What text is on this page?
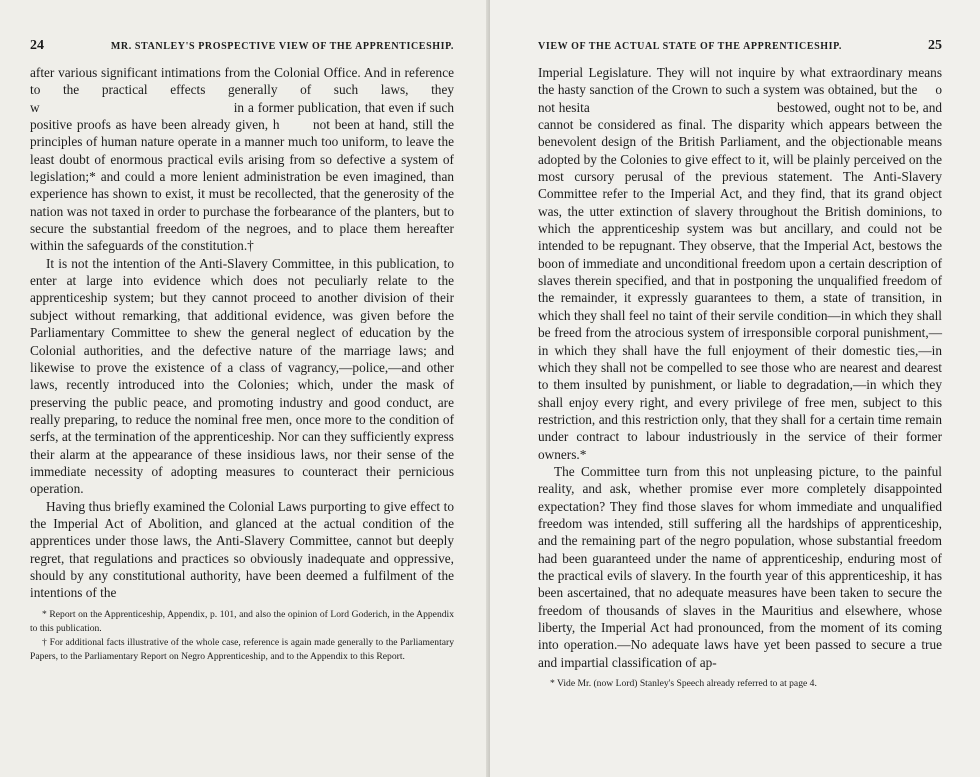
24	MR. STANLEY'S PROSPECTIVE VIEW OF THE APPRENTICESHIP.

after various significant intimations from the Colonial Office. And in reference to the practical effects generally of such laws, they w                                                  in a former publication, that even if such positive proofs as have been already given, h       not been at hand, still the principles of human nature operate in a manner much too uniform, to leave the least doubt of enormous practical evils arising from so defective a system of legislation;* and could a more lenient administration be even imagined, than experience has shown to exist, it must be recollected, that the generosity of the nation was not taxed in order to purchase the forbearance of the planters, but to secure the substantial freedom of the negroes, and to place them hereafter within the safeguards of the constitution.†

It is not the intention of the Anti-Slavery Committee, in this publication, to enter at large into evidence which does not peculiarly relate to the apprenticeship system; but they cannot proceed to another division of their subject without remarking, that additional evidence, was given before the Parliamentary Committee to shew the general neglect of education by the Colonial authorities, and the defective nature of the marriage laws; and likewise to prove the existence of a class of vagrancy,—police,—and other laws, recently introduced into the Colonies; which, under the mask of preserving the public peace, and promoting industry and good conduct, are really preparing, to reduce the nominal free men, once more to the condition of serfs, at the termination of the apprenticeship. Nor can they sufficiently express their alarm at the appearance of these insidious laws, nor their sense of the immediate necessity of adopting measures to counteract their pernicious operation.

Having thus briefly examined the Colonial Laws purporting to give effect to the Imperial Act of Abolition, and glanced at the actual condition of the apprentices under those laws, the Anti-Slavery Committee, cannot but deeply regret, that regulations and practices so obviously inadequate and oppressive, should by any constitutional authority, have been deemed a fulfilment of the intentions of the

* Report on the Apprenticeship, Appendix, p. 101, and also the opinion of Lord Goderich, in the Appendix to this publication.

† For additional facts illustrative of the whole case, reference is again made generally to the Parliamentary Papers, to the Parliamentary Report on Negro Apprenticeship, and to the Appendix to this Report.

VIEW OF THE ACTUAL STATE OF THE APPRENTICESHIP.	25

Imperial Legislature. They will not inquire by what extraordinary means the hasty sanction of the Crown to such a system was obtained, but the     o not hesita                                                  bestowed, ought not to be, and cannot be considered as final. The disparity which appears between the benevolent design of the British Parliament, and the objectionable means adopted by the Colonies to give effect to it, will be plainly perceived on the most cursory perusal of the previous statement. The Anti-Slavery Committee refer to the Imperial Act, and they find, that its grand object was, the utter extinction of slavery throughout the British dominions, to which the apprenticeship system was but ancillary, and could not be intended to be repugnant. They observe, that the Imperial Act, bestows the boon of immediate and unconditional freedom upon a certain description of slaves therein specified, and that in postponing the unqualified freedom of the remainder, it expressly guarantees to them, a state of transition, in which they shall feel no taint of their servile condition—in which they shall be freed from the atrocious system of irresponsible corporal punishment,—in which they shall have the full enjoyment of their domestic ties,—in which they shall not be compelled to see those who are nearest and dearest to them insulted by punishment, or liable to degradation,—in which they shall enjoy every right, and every privilege of free men, subject to this restriction, and this restriction only, that they shall for a certain time remain under contract to labour industriously in the service of their former owners.*

The Committee turn from this not unpleasing picture, to the painful reality, and ask, whether promise ever more completely disappointed expectation? They find those slaves for whom immediate and unqualified freedom was intended, still suffering all the hardships of apprenticeship, and the remaining part of the negro population, whose substantial freedom had been guaranteed under the name of apprenticeship, enduring most of the practical evils of slavery. In the fourth year of this apprenticeship, it has been ascertained, that no adequate measures have been taken to secure the freedom of thousands of slaves in the Mauritius and elsewhere, whose liberty, the Imperial Act had pronounced, from the moment of its coming into operation.—No adequate laws have yet been passed to secure a true and impartial classification of ap-

* Vide Mr. (now Lord) Stanley's Speech already referred to at page 4.
